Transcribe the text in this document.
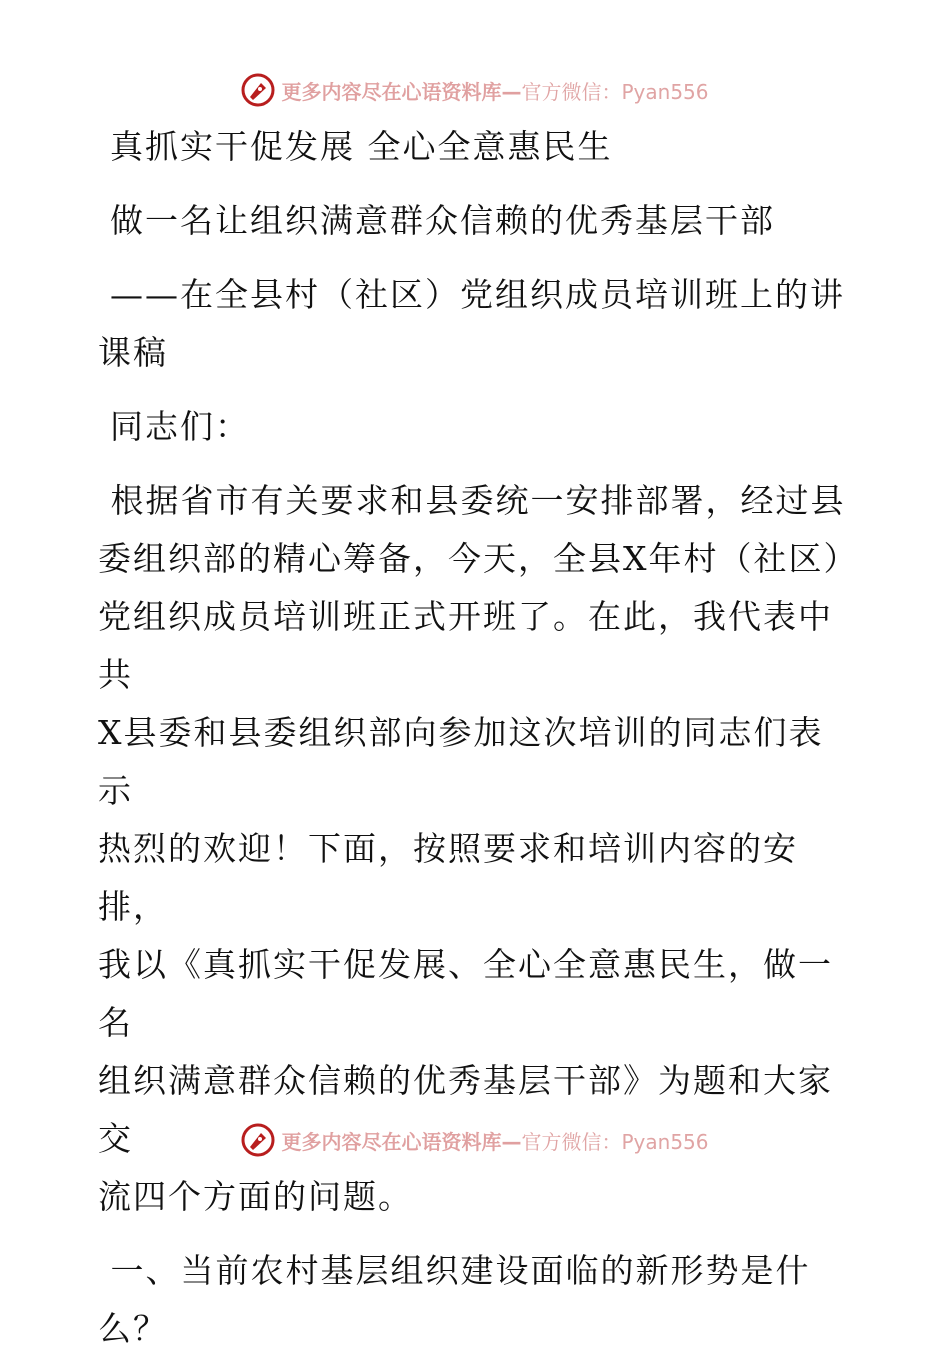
更多内容尽在心语资料库—官方微信：Pyan556

真抓实干促发展 全心全意惠民生

做一名让组织满意群众信赖的优秀基层干部

——在全县村（社区）党组织成员培训班上的讲

课稿

同志们：

根据省市有关要求和县委统一安排部署，经过县

委组织部的精心筹备，今天，全县X年村（社区）

党组织成员培训班正式开班了。在此，我代表中共

X县委和县委组织部向参加这次培训的同志们表示

热烈的欢迎！下面，按照要求和培训内容的安排，

我以《真抓实干促发展、全心全意惠民生，做一名

组织满意群众信赖的优秀基层干部》为题和大家交

流四个方面的问题。

一、当前农村基层组织建设面临的新形势是什

么？

更多内容尽在心语资料库—官方微信：Pyan556
